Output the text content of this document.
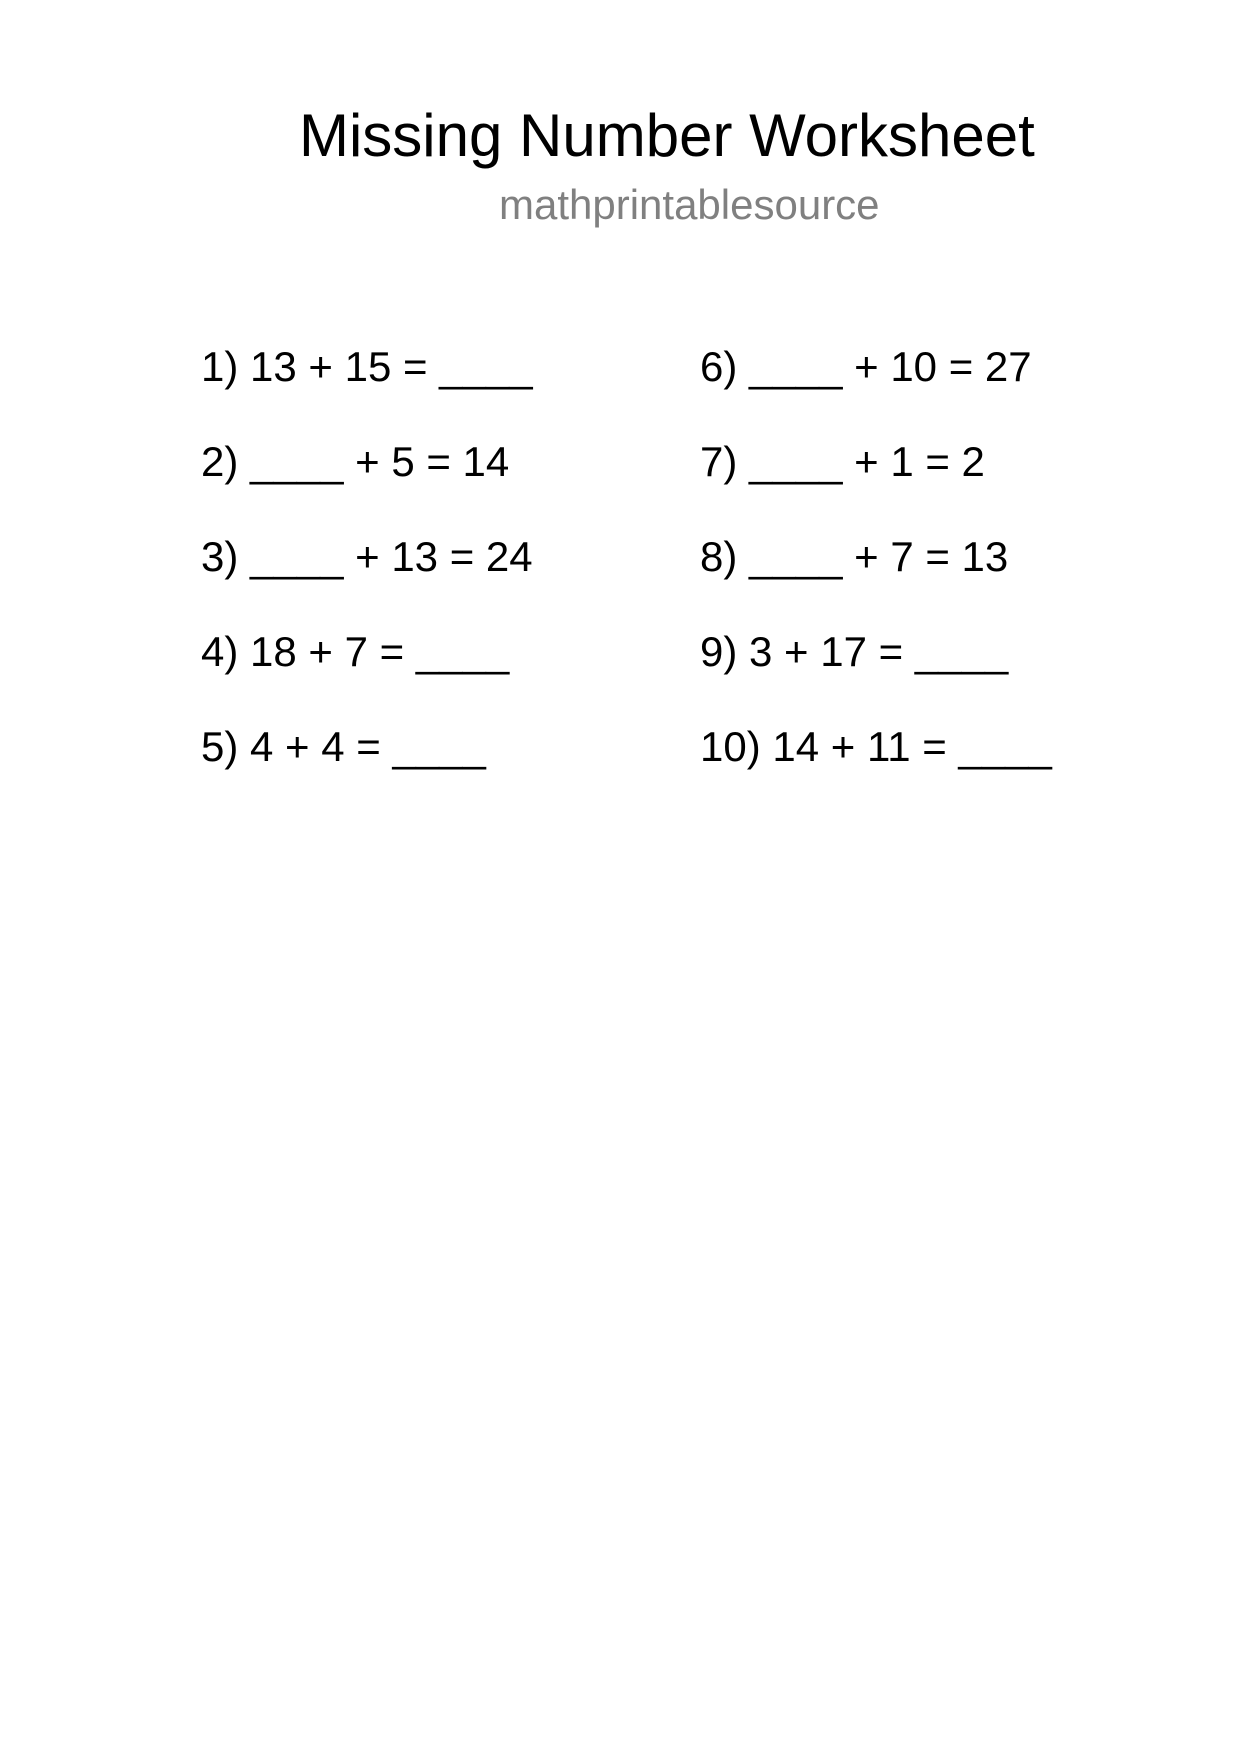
Missing Number Worksheet
mathprintablesource
1) 13 + 15 = ____
2) ____ + 5 = 14
3) ____ + 13 = 24
4) 18 + 7 = ____
5) 4 + 4 = ____
6) ____ + 10 = 27
7) ____ + 1 = 2
8) ____ + 7 = 13
9) 3 + 17 = ____
10) 14 + 11 = ____
